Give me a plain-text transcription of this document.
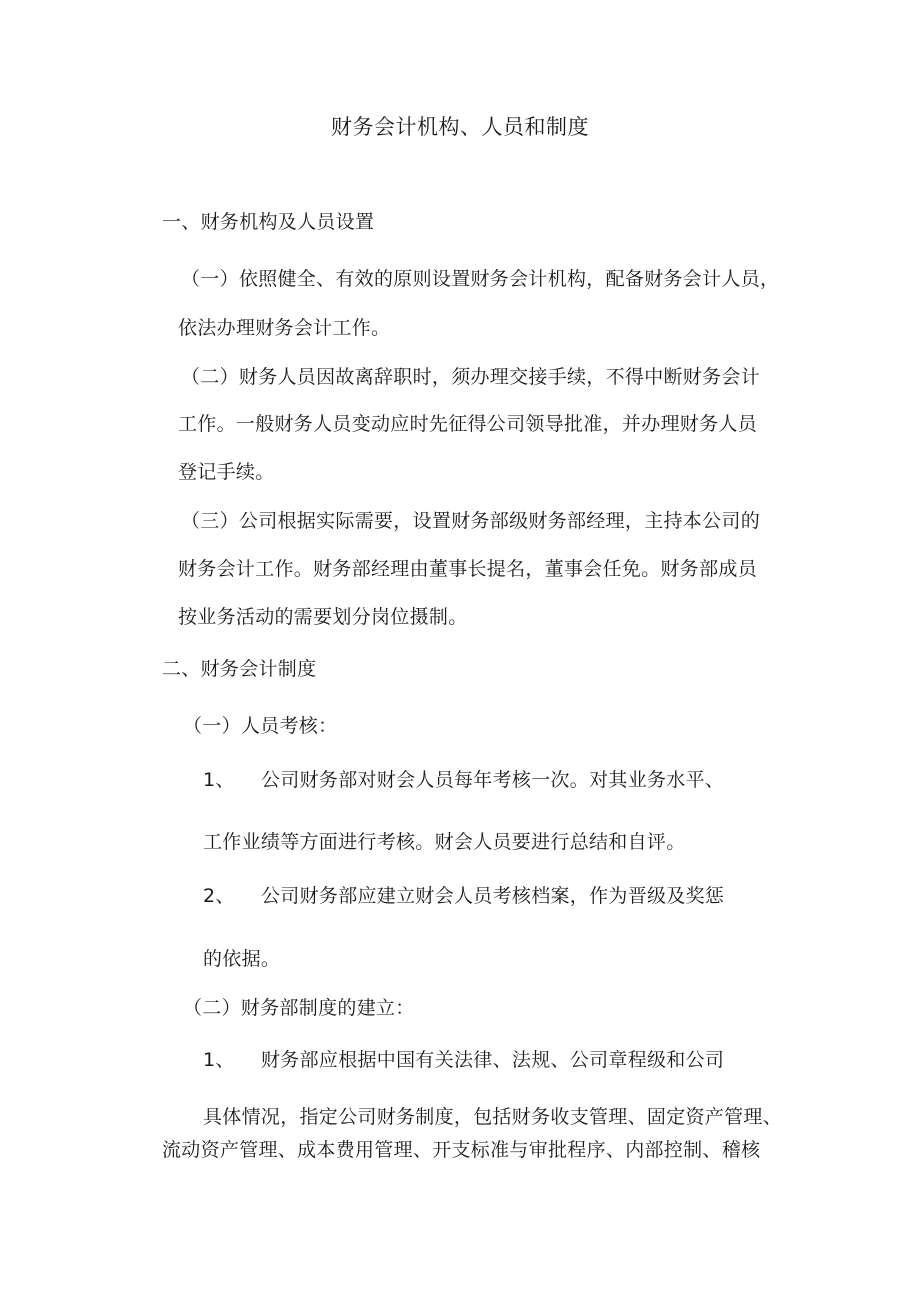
财务会计机构、人员和制度
一、财务机构及人员设置
（一）依照健全、有效的原则设置财务会计机构，配备财务会计人员，
依法办理财务会计工作。
（二）财务人员因故离辞职时，须办理交接手续，不得中断财务会计
工作。一般财务人员变动应时先征得公司领导批准，并办理财务人员
登记手续。
（三）公司根据实际需要，设置财务部级财务部经理，主持本公司的
财务会计工作。财务部经理由董事长提名，董事会任免。财务部成员
按业务活动的需要划分岗位摄制。
二、财务会计制度
（一）人员考核：
1、 公司财务部对财会人员每年考核一次。对其业务水平、
工作业绩等方面进行考核。财会人员要进行总结和自评。
2、 公司财务部应建立财会人员考核档案，作为晋级及奖惩
的依据。
（二）财务部制度的建立：
1、 财务部应根据中国有关法律、法规、公司章程级和公司
具体情况，指定公司财务制度，包括财务收支管理、固定资产管理、
流动资产管理、成本费用管理、开支标准与审批程序、内部控制、稽核
